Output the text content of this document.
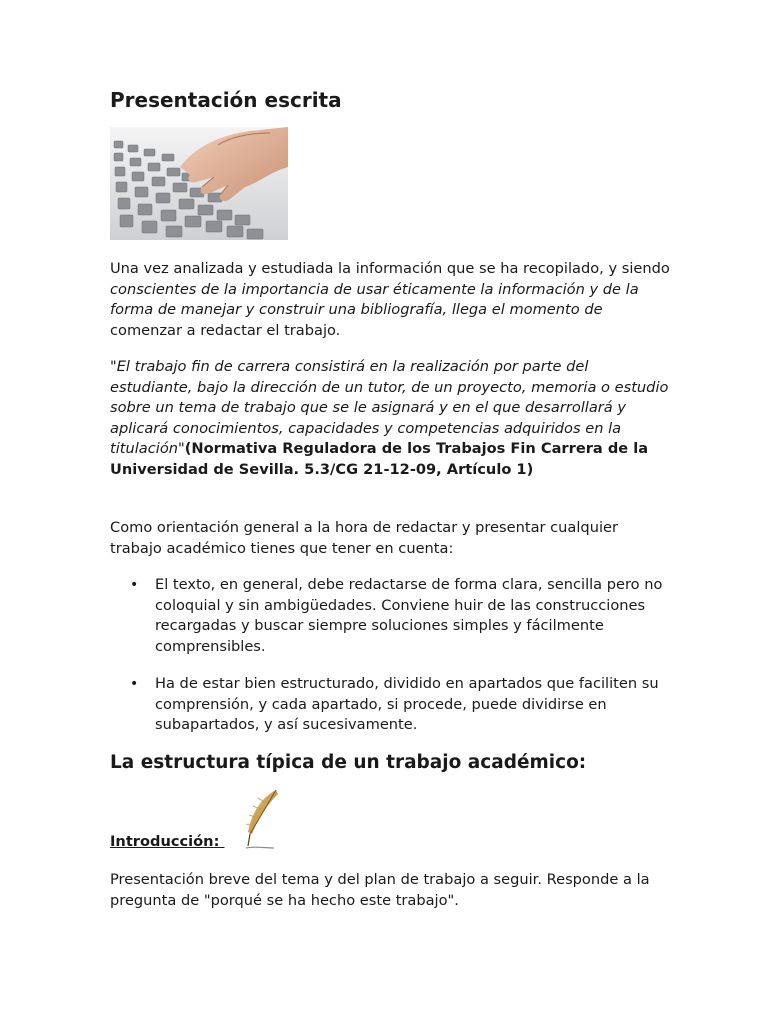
Presentación escrita

Una vez analizada y estudiada la información que se ha recopilado, y siendo conscientes de la importancia de usar éticamente la información y de la forma de manejar y construir una bibliografía, llega el momento de comenzar a redactar el trabajo.

"El trabajo fin de carrera consistirá en la realización por parte del estudiante, bajo la dirección de un tutor, de un proyecto, memoria o estudio sobre un tema de trabajo que se le asignará y en el que desarrollará y aplicará conocimientos, capacidades y competencias adquiridos en la titulación"(Normativa Reguladora de los Trabajos Fin Carrera de la Universidad de Sevilla. 5.3/CG 21-12-09, Artículo 1)

Como orientación general a la hora de redactar y presentar cualquier trabajo académico tienes que tener en cuenta:

• El texto, en general, debe redactarse de forma clara, sencilla pero no coloquial y sin ambigüedades. Conviene huir de las construcciones recargadas y buscar siempre soluciones simples y fácilmente comprensibles.
• Ha de estar bien estructurado, dividido en apartados que faciliten su comprensión, y cada apartado, si procede, puede dividirse en subapartados, y así sucesivamente.
La estructura típica de un trabajo académico:
Introducción:

Presentación breve del tema y del plan de trabajo a seguir. Responde a la pregunta de "porqué se ha hecho este trabajo".
